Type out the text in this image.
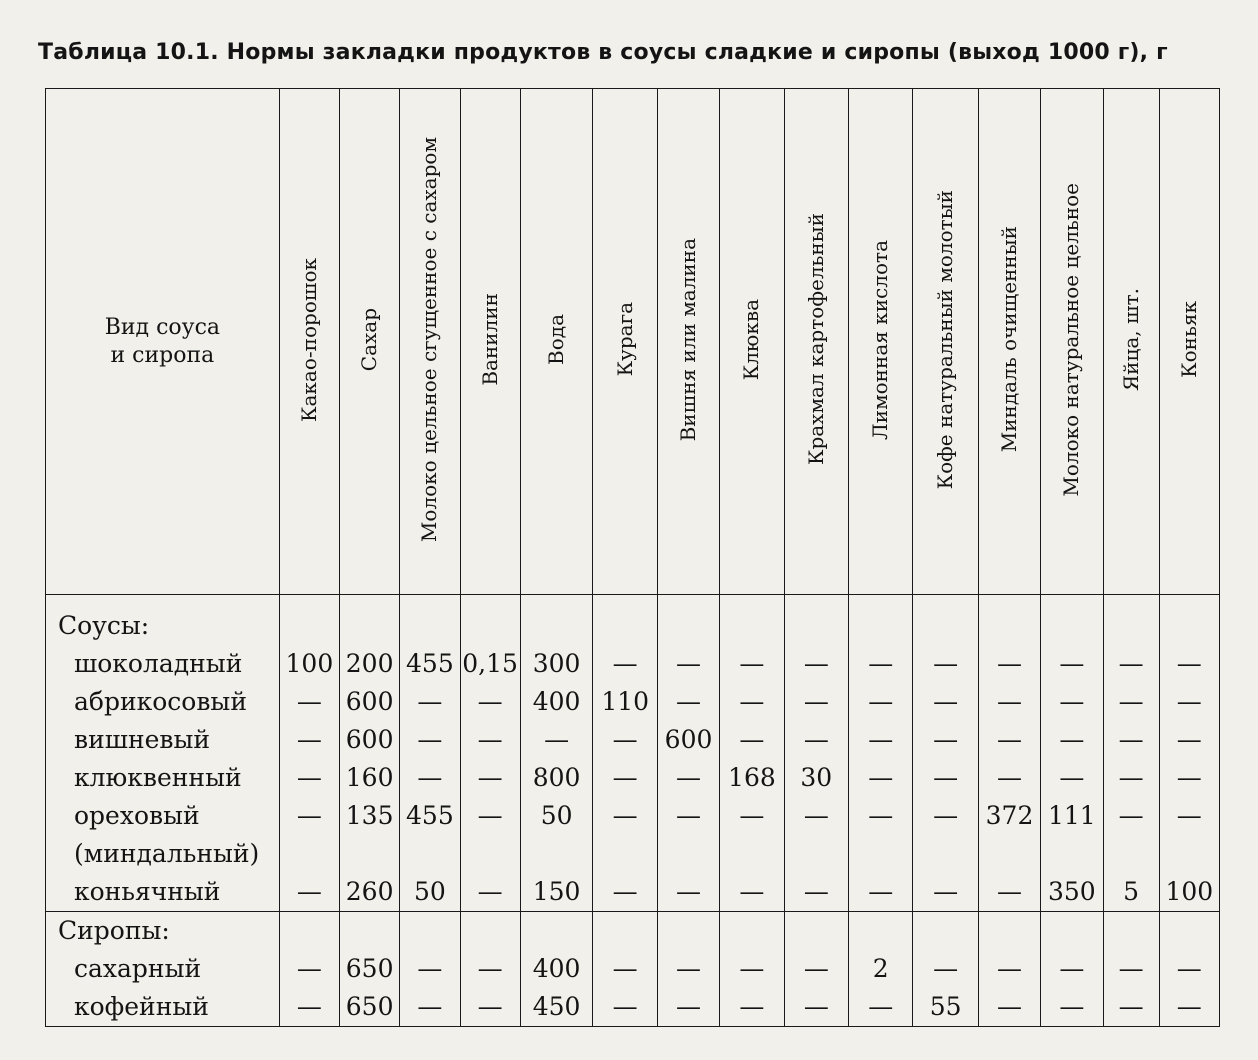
Таблица 10.1. Нормы закладки продуктов в соусы сладкие и сиропы (выход 1000 г), г
Вид соуса
и сиропа	Какао-порошок	Сахар	Молоко цельное сгущенное с сахаром	Ванилин	Вода	Курага	Вишня или малина	Клюква	Крахмал картофельный	Лимонная кислота	Кофе натуральный молотый	Миндаль очищенный	Молоко натуральное цельное	Яйца, шт.	Коньяк
Соусы:															
шоколадный	100	200	455	0,15	300	—	—	—	—	—	—	—	—	—	—
абрикосовый	—	600	—	—	400	110	—	—	—	—	—	—	—	—	—
вишневый	—	600	—	—	—	—	600	—	—	—	—	—	—	—	—
клюквенный	—	160	—	—	800	—	—	168	30	—	—	—	—	—	—
ореховый	—	135	455	—	50	—	—	—	—	—	—	372	111	—	—
(миндальный)															
коньячный	—	260	50	—	150	—	—	—	—	—	—	—	350	5	100
Сиропы:															
сахарный	—	650	—	—	400	—	—	—	—	2	—	—	—	—	—
кофейный	—	650	—	—	450	—	—	—	—	—	55	—	—	—	—
